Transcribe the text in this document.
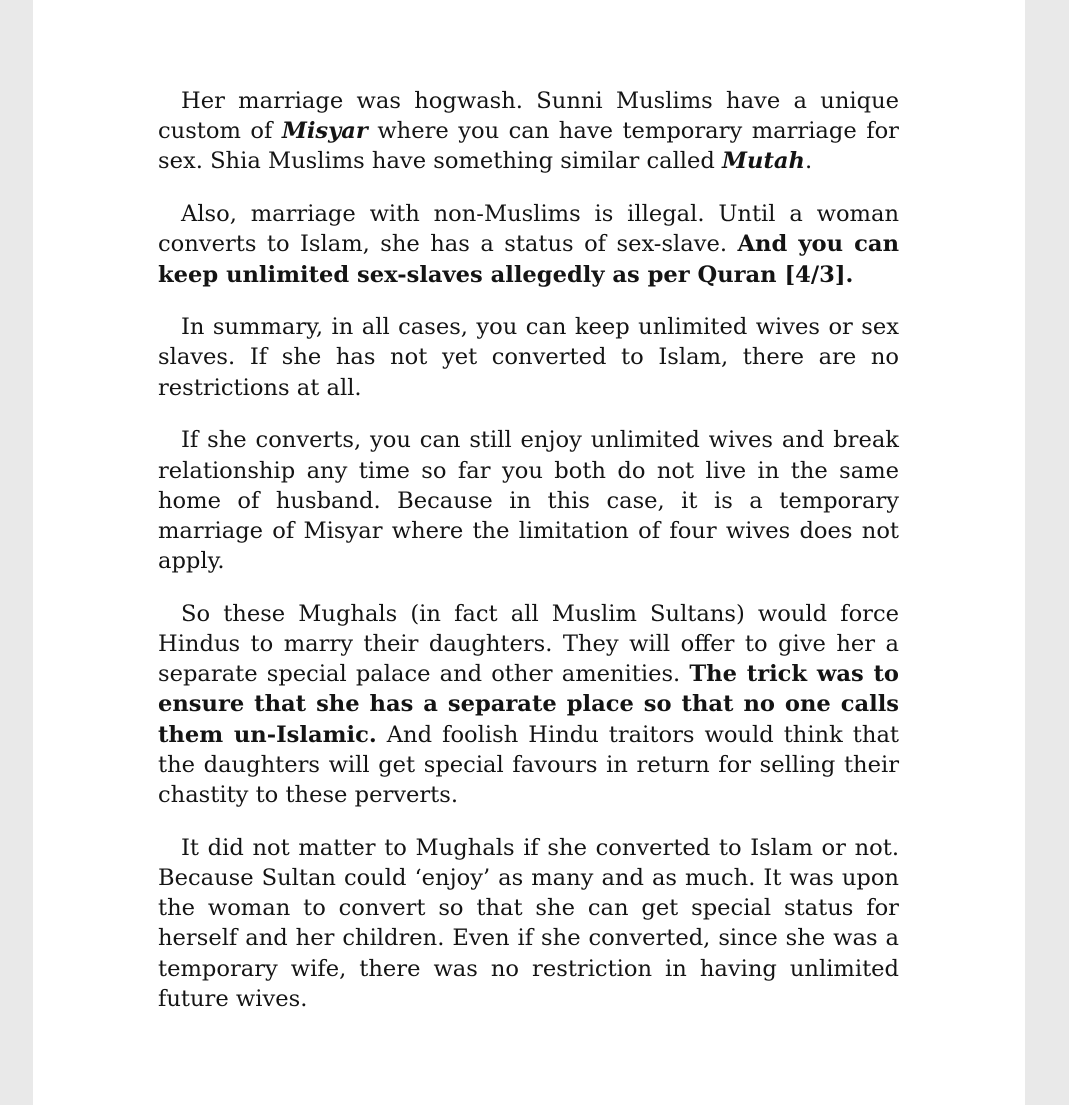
Her marriage was hogwash. Sunni Muslims have a unique custom of Misyar where you can have temporary marriage for sex. Shia Muslims have something similar called Mutah.

Also, marriage with non-Muslims is illegal. Until a woman converts to Islam, she has a status of sex-slave. And you can keep unlimited sex-slaves allegedly as per Quran [4/3].

In summary, in all cases, you can keep unlimited wives or sex slaves. If she has not yet converted to Islam, there are no restrictions at all.

If she converts, you can still enjoy unlimited wives and break relationship any time so far you both do not live in the same home of husband. Because in this case, it is a temporary marriage of Misyar where the limitation of four wives does not apply.

So these Mughals (in fact all Muslim Sultans) would force Hindus to marry their daughters. They will offer to give her a separate special palace and other amenities. The trick was to ensure that she has a separate place so that no one calls them un-Islamic. And foolish Hindu traitors would think that the daughters will get special favours in return for selling their chastity to these perverts.

It did not matter to Mughals if she converted to Islam or not. Because Sultan could ‘enjoy’ as many and as much. It was upon the woman to convert so that she can get special status for herself and her children. Even if she converted, since she was a temporary wife, there was no restriction in having unlimited future wives.
